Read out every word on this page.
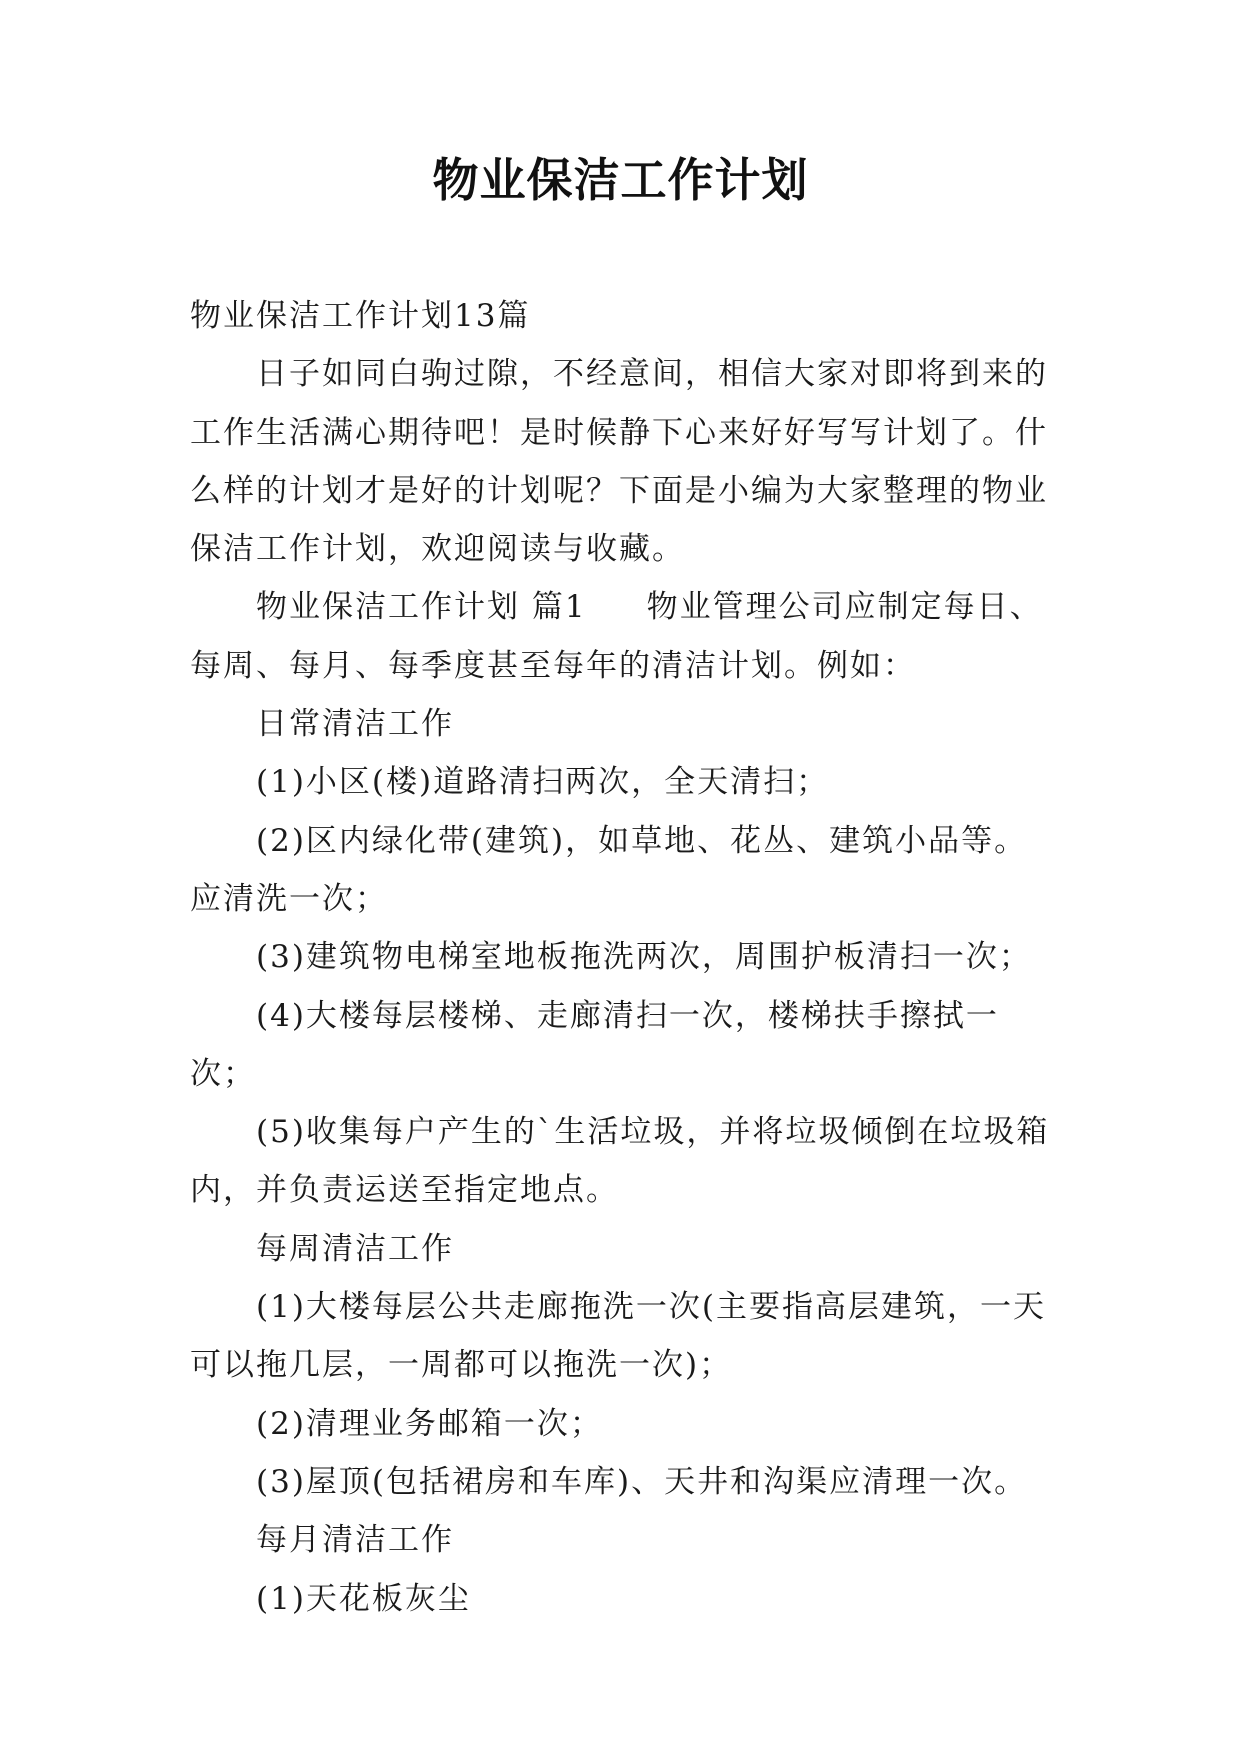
物业保洁工作计划

物业保洁工作计划13篇

日子如同白驹过隙，不经意间，相信大家对即将到来的工作生活满心期待吧！是时候静下心来好好写写计划了。什么样的计划才是好的计划呢？下面是小编为大家整理的物业保洁工作计划，欢迎阅读与收藏。

物业保洁工作计划 篇1 物业管理公司应制定每日、每周、每月、每季度甚至每年的清洁计划。例如：

日常清洁工作

(1)小区(楼)道路清扫两次，全天清扫；

(2)区内绿化带(建筑)，如草地、花丛、建筑小品等。应清洗一次；

(3)建筑物电梯室地板拖洗两次，周围护板清扫一次；

(4)大楼每层楼梯、走廊清扫一次，楼梯扶手擦拭一次；

(5)收集每户产生的`生活垃圾，并将垃圾倾倒在垃圾箱内，并负责运送至指定地点。

每周清洁工作

(1)大楼每层公共走廊拖洗一次(主要指高层建筑，一天可以拖几层，一周都可以拖洗一次)；

(2)清理业务邮箱一次；

(3)屋顶(包括裙房和车库)、天井和沟渠应清理一次。

每月清洁工作

(1)天花板灰尘
